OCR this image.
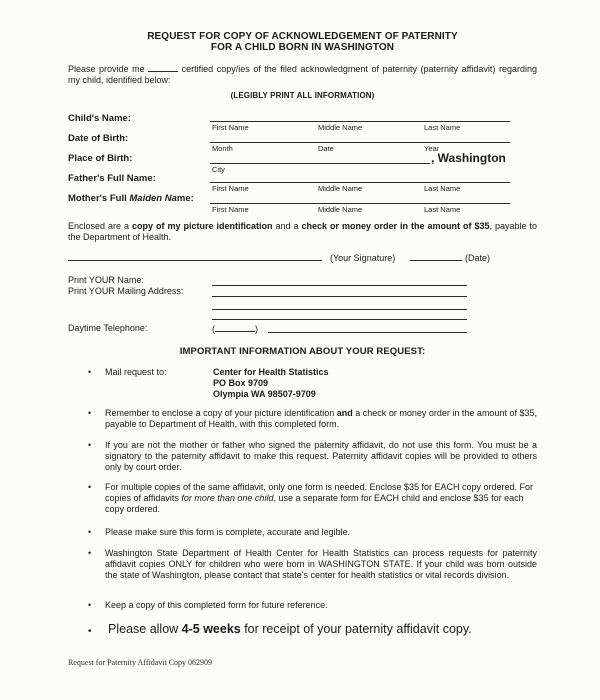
REQUEST FOR COPY OF ACKNOWLEDGEMENT OF PATERNITY
FOR A CHILD BORN IN WASHINGTON
Please provide me	certified copy/ies of the filed acknowledgment of paternity (paternity affidavit) regarding my child, identified below:
(LEGIBLY PRINT ALL INFORMATION)
Child's Name:
First Name	Middle Name	Last Name
Date of Birth:
Month	Date	Year
Place of Birth:	, Washington
City
Father's Full Name:
First Name	Middle Name	Last Name
Mother's Full Maiden Name:
First Name	Middle Name	Last Name
Enclosed are a copy of my picture identification and a check or money order in the amount of $35, payable to the Department of Health.
(Your Signature)	(Date)
Print YOUR Name:
Print YOUR Mailing Address:
Daytime Telephone:	(	)
IMPORTANT INFORMATION ABOUT YOUR REQUEST:
• Mail request to:	Center for Health Statistics
PO Box 9709
Olympia WA 98507-9709
• Remember to enclose a copy of your picture identification and a check or money order in the amount of $35, payable to Department of Health, with this completed form.
• If you are not the mother or father who signed the paternity affidavit, do not use this form. You must be a signatory to the paternity affidavit to make this request. Paternity affidavit copies will be provided to others only by court order.
• For multiple copies of the same affidavit, only one form is needed. Enclose $35 for EACH copy ordered. For copies of affidavits for more than one child, use a separate form for EACH child and enclose $35 for each copy ordered.
• Please make sure this form is complete, accurate and legible.
• Washington State Department of Health Center for Health Statistics can process requests for paternity affidavit copies ONLY for children who were born in WASHINGTON STATE. If your child was born outside the state of Washington, please contact that state's center for health statistics or vital records division.
• Keep a copy of this completed form for future reference.
• Please allow 4-5 weeks for receipt of your paternity affidavit copy.
Request for Paternity Affidavit Copy 062909
